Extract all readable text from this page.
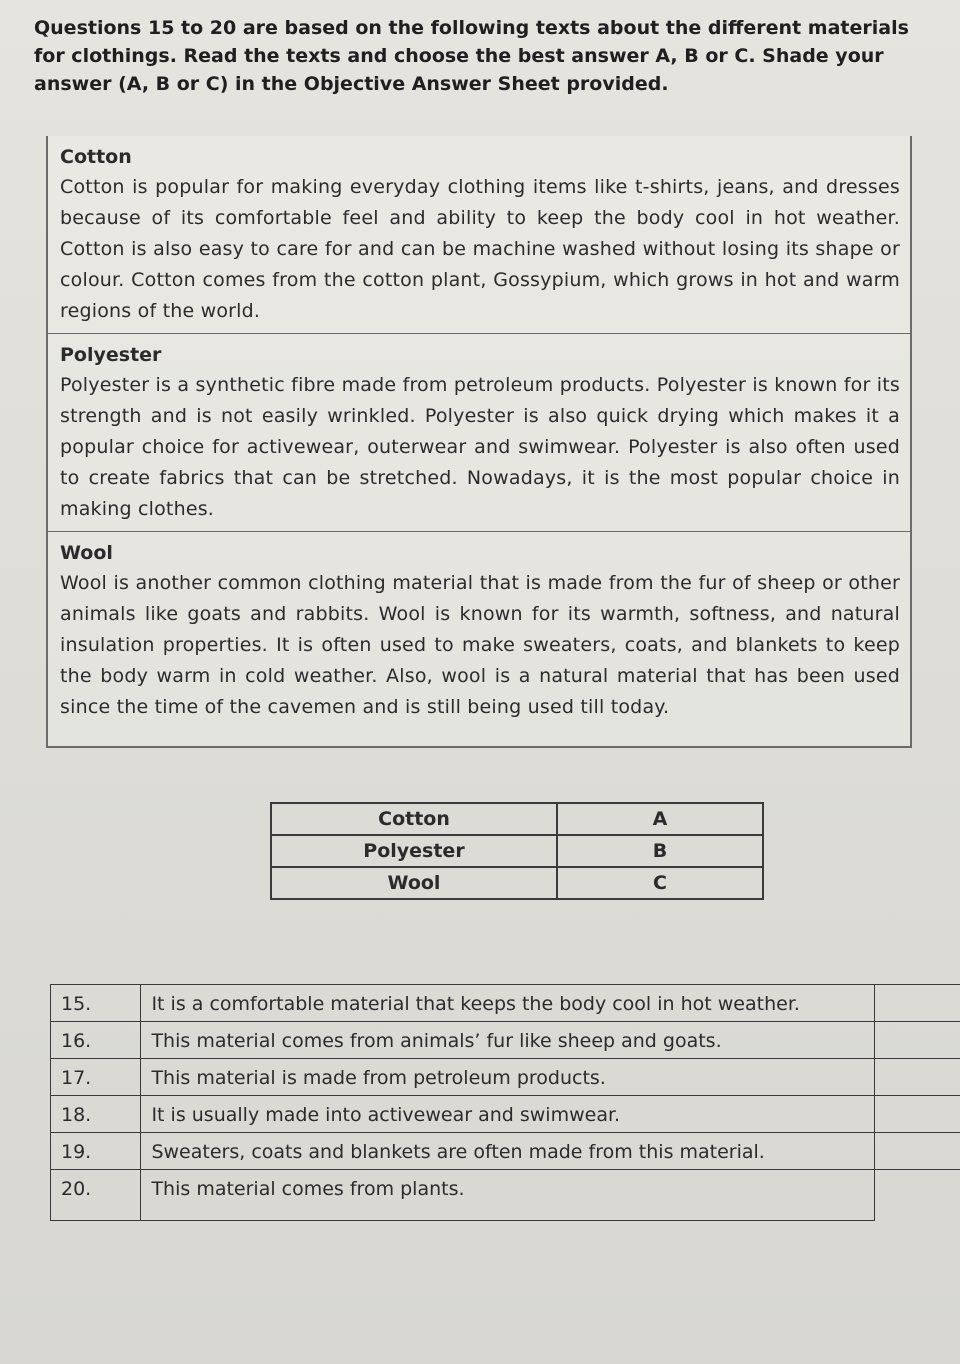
Questions 15 to 20 are based on the following texts about the different materials for clothings. Read the texts and choose the best answer A, B or C. Shade your answer (A, B or C) in the Objective Answer Sheet provided.
Cotton
Cotton is popular for making everyday clothing items like t-shirts, jeans, and dresses because of its comfortable feel and ability to keep the body cool in hot weather. Cotton is also easy to care for and can be machine washed without losing its shape or colour. Cotton comes from the cotton plant, Gossypium, which grows in hot and warm regions of the world.
Polyester
Polyester is a synthetic fibre made from petroleum products. Polyester is known for its strength and is not easily wrinkled. Polyester is also quick drying which makes it a popular choice for activewear, outerwear and swimwear. Polyester is also often used to create fabrics that can be stretched. Nowadays, it is the most popular choice in making clothes.
Wool
Wool is another common clothing material that is made from the fur of sheep or other animals like goats and rabbits. Wool is known for its warmth, softness, and natural insulation properties. It is often used to make sweaters, coats, and blankets to keep the body warm in cold weather. Also, wool is a natural material that has been used since the time of the cavemen and is still being used till today.
Cotton	A
Polyester	B
Wool	C
15.	It is a comfortable material that keeps the body cool in hot weather.	
16.	This material comes from animals’ fur like sheep and goats.	
17.	This material is made from petroleum products.	
18.	It is usually made into activewear and swimwear.	
19.	Sweaters, coats and blankets are often made from this material.	
20.	This material comes from plants.	
